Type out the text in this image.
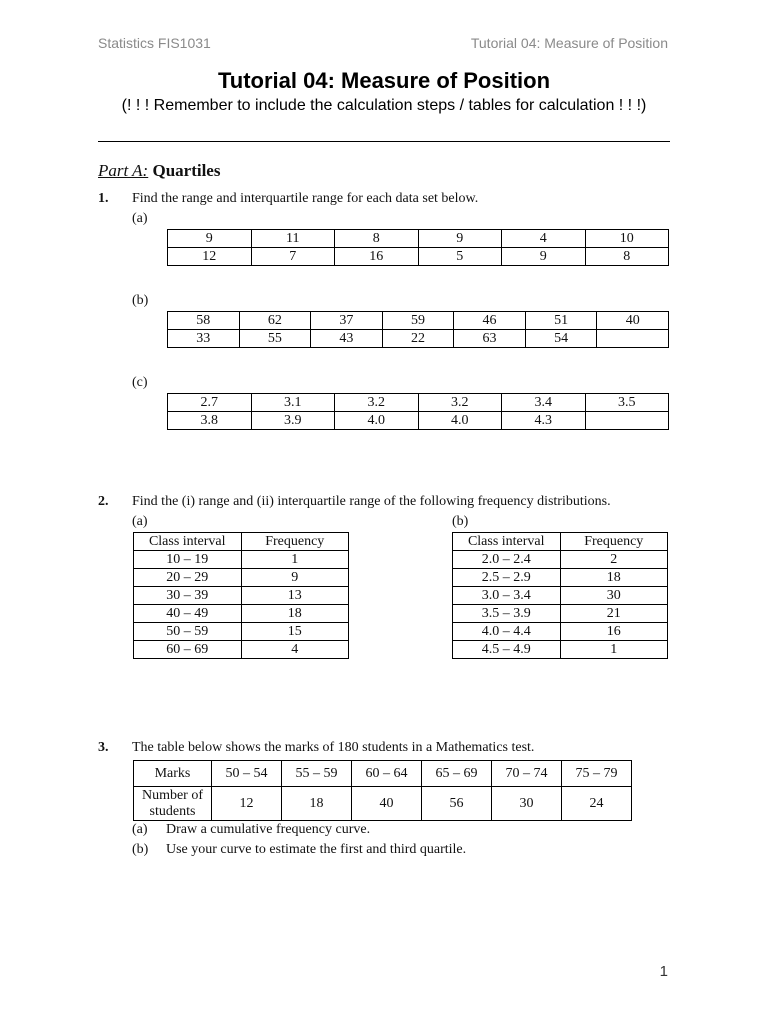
Statistics FIS1031	Tutorial 04: Measure of Position
Tutorial 04: Measure of Position
(! ! ! Remember to include the calculation steps / tables for calculation ! ! !)
Part A: Quartiles
1. Find the range and interquartile range for each data set below.
(a)
9	11	8	9	4	10
12	7	16	5	9	8
(b)
58	62	37	59	46	51	40
33	55	43	22	63	54	
(c)
2.7	3.1	3.2	3.2	3.4	3.5
3.8	3.9	4.0	4.0	4.3	
2. Find the (i) range and (ii) interquartile range of the following frequency distributions.
(a)
Class interval	Frequency
10 – 19	1
20 – 29	9
30 – 39	13
40 – 49	18
50 – 59	15
60 – 69	4
(b)
Class interval	Frequency
2.0 – 2.4	2
2.5 – 2.9	18
3.0 – 3.4	30
3.5 – 3.9	21
4.0 – 4.4	16
4.5 – 4.9	1
3. The table below shows the marks of 180 students in a Mathematics test.
Marks	50 – 54	55 – 59	60 – 64	65 – 69	70 – 74	75 – 79

Number of
students	12	18	40	56	30	24
(a) Draw a cumulative frequency curve.
(b) Use your curve to estimate the first and third quartile.
1
